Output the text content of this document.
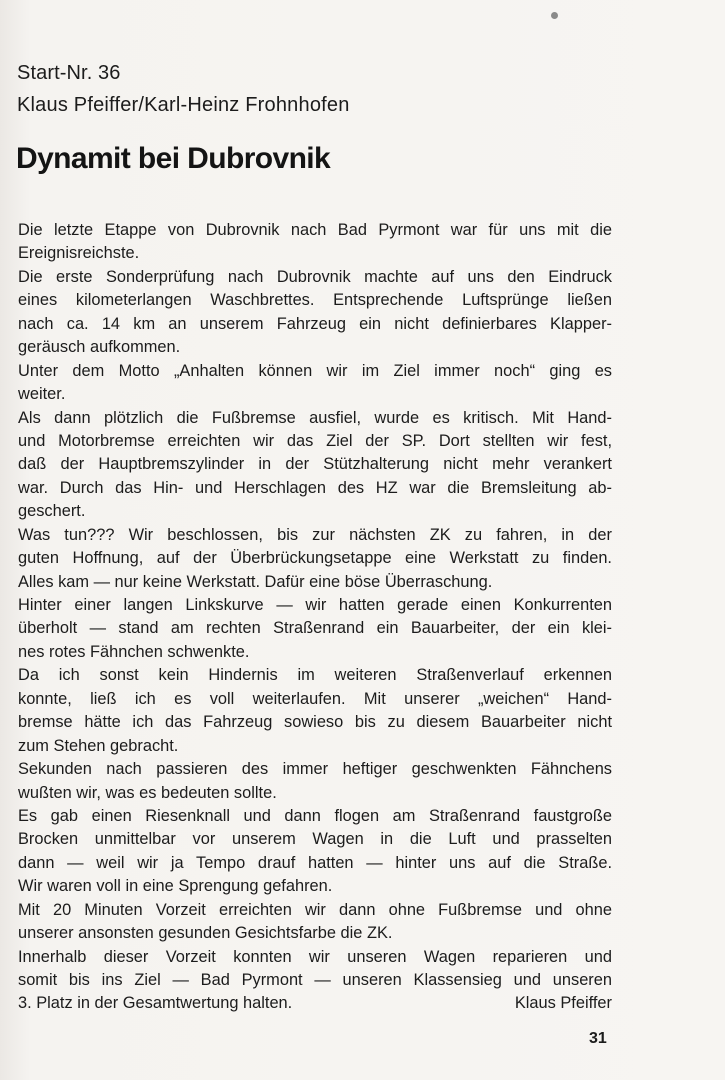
Start-Nr. 36
Klaus Pfeiffer/Karl-Heinz Frohnhofen
Dynamit bei Dubrovnik
Die letzte Etappe von Dubrovnik nach Bad Pyrmont war für uns mit die
Ereignisreichste.
Die erste Sonderprüfung nach Dubrovnik machte auf uns den Eindruck
eines kilometerlangen Waschbrettes. Entsprechende Luftsprünge ließen
nach ca. 14 km an unserem Fahrzeug ein nicht definierbares Klapper-
geräusch aufkommen.
Unter dem Motto „Anhalten können wir im Ziel immer noch“ ging es
weiter.
Als dann plötzlich die Fußbremse ausfiel, wurde es kritisch. Mit Hand-
und Motorbremse erreichten wir das Ziel der SP. Dort stellten wir fest,
daß der Hauptbremszylinder in der Stützhalterung nicht mehr verankert
war. Durch das Hin- und Herschlagen des HZ war die Bremsleitung ab-
geschert.
Was tun??? Wir beschlossen, bis zur nächsten ZK zu fahren, in der
guten Hoffnung, auf der Überbrückungsetappe eine Werkstatt zu finden.
Alles kam — nur keine Werkstatt. Dafür eine böse Überraschung.
Hinter einer langen Linkskurve — wir hatten gerade einen Konkurrenten
überholt — stand am rechten Straßenrand ein Bauarbeiter, der ein klei-
nes rotes Fähnchen schwenkte.
Da ich sonst kein Hindernis im weiteren Straßenverlauf erkennen
konnte, ließ ich es voll weiterlaufen. Mit unserer „weichen“ Hand-
bremse hätte ich das Fahrzeug sowieso bis zu diesem Bauarbeiter nicht
zum Stehen gebracht.
Sekunden nach passieren des immer heftiger geschwenkten Fähnchens
wußten wir, was es bedeuten sollte.
Es gab einen Riesenknall und dann flogen am Straßenrand faustgroße
Brocken unmittelbar vor unserem Wagen in die Luft und prasselten
dann — weil wir ja Tempo drauf hatten — hinter uns auf die Straße.
Wir waren voll in eine Sprengung gefahren.
Mit 20 Minuten Vorzeit erreichten wir dann ohne Fußbremse und ohne
unserer ansonsten gesunden Gesichtsfarbe die ZK.
Innerhalb dieser Vorzeit konnten wir unseren Wagen reparieren und
somit bis ins Ziel — Bad Pyrmont — unseren Klassensieg und unseren
3. Platz in der Gesamtwertung halten.	Klaus Pfeiffer
31
